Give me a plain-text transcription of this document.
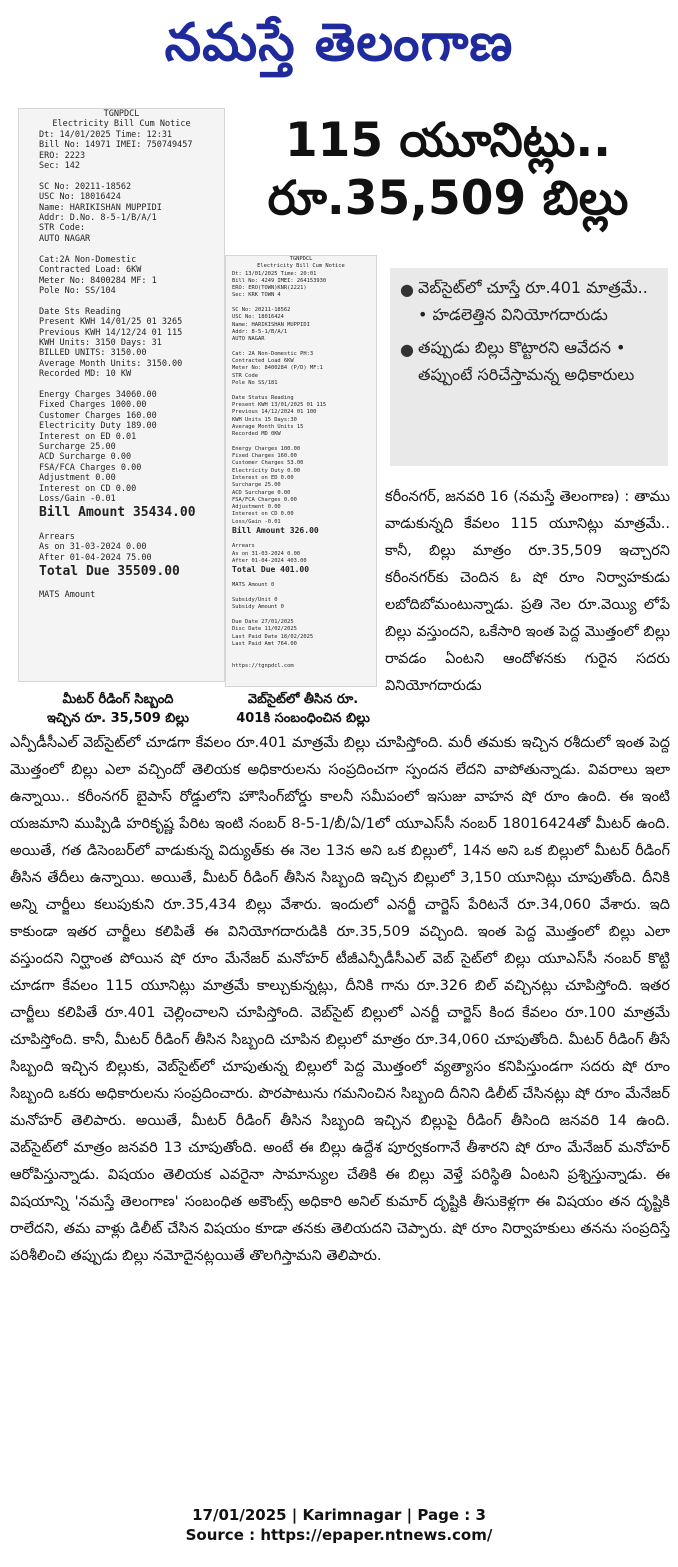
నమస్తే తెలంగాణ
TGNPDCL
Electricity Bill Cum Notice
Dt: 14/01/2025 Time: 12:31
Bill No: 14971 IMEI: 750749457
ERO: 2223
Sec: 142

SC No: 20211-18562
USC No: 18016424
Name: HARIKISHAN MUPPIDI
Addr: D.No. 8-5-1/B/A/1
STR Code:
AUTO NAGAR

Cat:2A Non-Domestic
Contracted Load: 6KW
Meter No: 8400284 MF: 1
Pole No: SS/104

Date Sts Reading
Present KWH 14/01/25 01 3265
Previous KWH 14/12/24 01 115
KWH Units: 3150 Days: 31
BILLED UNITS: 3150.00
Average Month Units: 3150.00
Recorded MD: 10 KW

Energy Charges 34060.00
Fixed Charges 1000.00
Customer Charges 160.00
Electricity Duty 189.00
Interest on ED 0.01
Surcharge 25.00
ACD Surcharge 0.00
FSA/FCA Charges 0.00
Adjustment 0.00
Interest on CD 0.00
Loss/Gain -0.01
Bill Amount 35434.00

Arrears
As on 31-03-2024 0.00
After 01-04-2024 75.00
Total Due 35509.00

MATS Amount
TGNPDCL
Electricity Bill Cum Notice
Dt: 13/01/2025 Time: 20:01
Bill No: 4249 IMEI: 264153930
ERO: ERO(TOWN)KNR(2221)
Sec: KRK TOWN 4

SC No: 20211-18562
USC No: 18016424
Name: HARIKISHAN MUPPIDI
Addr: 8-5-1/B/A/1
AUTO NAGAR

Cat: 2A Non-Domestic PH:3
Contracted Load 6KW
Meter No: 8400284 (P/D) MF:1
STR Code
Pole No SS/181

Date Status Reading
Present KWH 13/01/2025 01 115
Previous 14/12/2024 01 100
KWH Units 15 Days:30
Average Month Units 15
Recorded MD 0KW

Energy Charges 100.00
Fixed Charges 160.00
Customer Charges 53.00
Electricity Duty 0.00
Interest on ED 0.00
Surcharge 25.00
ACD Surcharge 0.00
FSA/FCA Charges 0.00
Adjustment 0.00
Interest on CD 0.00
Loss/Gain -0.01
Bill Amount 326.00

Arrears
As on 31-03-2024 0.00
After 01-04-2024 403.00
Total Due 401.00

MATS Amount 0

Subsidy/Unit 0
Subsidy Amount 0

Due Date 27/01/2025
Disc Date 11/02/2025
Last Paid Date 18/02/2025
Last Paid Amt 764.00

https://tgnpdcl.com
మీటర్ రీడింగ్ సిబ్బంది
ఇచ్చిన రూ. 35,509 బిల్లు
వెబ్‌సైట్‌లో తీసిన రూ.
401కి సంబంధించిన బిల్లు
115 యూనిట్లు..
రూ.35,509 బిల్లు
● వెబ్‌సైట్‌లో చూస్తే రూ.401 మాత్రమే.. • హడలెత్తిన వినియోగదారుడు
● తప్పుడు బిల్లు కొట్టారని ఆవేదన • తప్పుంటే సరిచేస్తామన్న అధికారులు
కరీంనగర్, జనవరి 16 (నమస్తే తెలంగాణ) : తాము వాడుకున్నది కేవలం 115 యూనిట్లు మాత్రమే.. కానీ, బిల్లు మాత్రం రూ.35,509 ఇచ్చారని కరీంనగర్‌కు చెందిన ఓ షో రూం నిర్వాహకుడు లబోదిబోమంటున్నాడు. ప్రతి నెల రూ.వెయ్యి లోపే బిల్లు వస్తుందని, ఒకేసారి ఇంత పెద్ద మొత్తంలో బిల్లు రావడం ఏంటని ఆందోళనకు గురైన సదరు వినియోగదారుడు
ఎన్పీడీసీఎల్ వెబ్‌సైట్‌లో చూడగా కేవలం రూ.401 మాత్రమే బిల్లు చూపిస్తోంది. మరీ తమకు ఇచ్చిన రశీదులో ఇంత పెద్ద మొత్తంలో బిల్లు ఎలా వచ్చిందో తెలియక అధికారులను సంప్రదించగా స్పందన లేదని వాపోతున్నాడు. వివరాలు ఇలా ఉన్నాయి.. కరీంనగర్ బైపాస్ రోడ్డులోని హౌసింగ్‌బోర్డు కాలనీ సమీపంలో ఇసుజు వాహన షో రూం ఉంది. ఈ ఇంటి యజమాని ముప్పిడి హరికృష్ణ పేరిట ఇంటి నంబర్ 8-5-1/బీ/ఏ/1లో యూఎస్‌సీ నంబర్ 18016424తో మీటర్ ఉంది. అయితే, గత డిసెంబర్‌లో వాడుకున్న విద్యుత్‌కు ఈ నెల 13న అని ఒక బిల్లులో, 14న అని ఒక బిల్లులో మీటర్ రీడింగ్ తీసిన తేదీలు ఉన్నాయి. అయితే, మీటర్ రీడింగ్ తీసిన సిబ్బంది ఇచ్చిన బిల్లులో 3,150 యూనిట్లు చూపుతోంది. దీనికి అన్ని చార్జీలు కలుపుకుని రూ.35,434 బిల్లు వేశారు. ఇందులో ఎనర్జీ చార్జెస్ పేరిటనే రూ.34,060 వేశారు. ఇది కాకుండా ఇతర చార్జీలు కలిపితే ఈ వినియోగదారుడికి రూ.35,509 వచ్చింది. ఇంత పెద్ద మొత్తంలో బిల్లు ఎలా వస్తుందని నిర్ఘాంత పోయిన షో రూం మేనేజర్ మనోహర్ టీజీఎన్పీడీసీఎల్ వెబ్ సైట్‌లో బిల్లు యూఎస్‌సీ నంబర్ కొట్టి చూడగా కేవలం 115 యూనిట్లు మాత్రమే కాల్చుకున్నట్లు, దీనికి గాను రూ.326 బిల్ వచ్చినట్లు చూపిస్తోంది. ఇతర చార్జీలు కలిపితే రూ.401 చెల్లించాలని చూపిస్తోంది. వెబ్‌సైట్ బిల్లులో ఎనర్జీ చార్జెస్ కింద కేవలం రూ.100 మాత్రమే చూపిస్తోంది. కానీ, మీటర్ రీడింగ్ తీసిన సిబ్బంది చూపిన బిల్లులో మాత్రం రూ.34,060 చూపుతోంది. మీటర్ రీడింగ్ తీసే సిబ్బంది ఇచ్చిన బిల్లుకు, వెబ్‌సైట్‌లో చూపుతున్న బిల్లులో పెద్ద మొత్తంలో వ్యత్యాసం కనిపిస్తుండగా సదరు షో రూం సిబ్బంది ఒకరు అధికారులను సంప్రదించారు. పొరపాటును గమనించిన సిబ్బంది దీనిని డిలీట్ చేసినట్లు షో రూం మేనేజర్ మనోహర్ తెలిపారు. అయితే, మీటర్ రీడింగ్ తీసిన సిబ్బంది ఇచ్చిన బిల్లుపై రీడింగ్ తీసింది జనవరి 14 ఉంది. వెబ్‌సైట్‌లో మాత్రం జనవరి 13 చూపుతోంది. అంటే ఈ బిల్లు ఉద్దేశ పూర్వకంగానే తీశారని షో రూం మేనేజర్ మనోహర్ ఆరోపిస్తున్నాడు. విషయం తెలియక ఎవరైనా సామాన్యుల చేతికి ఈ బిల్లు వెళ్తే పరిస్థితి ఏంటని ప్రశ్నిస్తున్నాడు. ఈ విషయాన్ని 'నమస్తే తెలంగాణ' సంబంధిత అకౌంట్స్ అధికారి అనిల్ కుమార్ దృష్టికి తీసుకెళ్లగా ఈ విషయం తన దృష్టికి రాలేదని, తమ వాళ్లు డిలీట్ చేసిన విషయం కూడా తనకు తెలియదని చెప్పారు. షో రూం నిర్వాహకులు తనను సంప్రదిస్తే పరిశీలించి తప్పుడు బిల్లు నమోదైనట్లయితే తొలగిస్తామని తెలిపారు.
17/01/2025 | Karimnagar | Page : 3
Source : https://epaper.ntnews.com/
